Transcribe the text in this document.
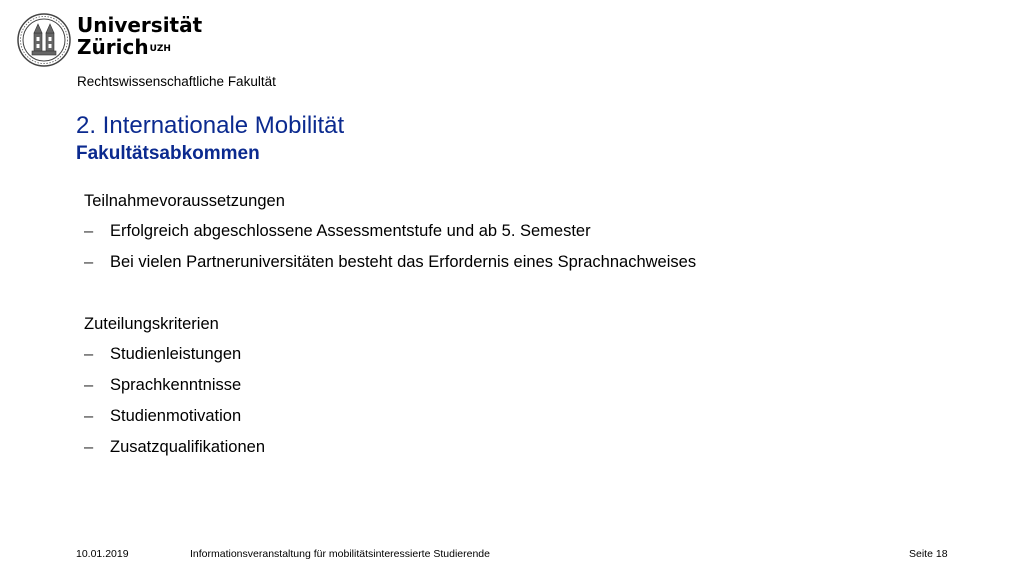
Universität
Zürich$^{UZH}$
Rechtswissenschaftliche Fakultät
2. Internationale Mobilität
Fakultätsabkommen
Teilnahmevoraussetzungen
–	Erfolgreich abgeschlossene Assessmentstufe und ab 5. Semester
–	Bei vielen Partneruniversitäten besteht das Erfordernis eines Sprachnachweises
Zuteilungskriterien
–	Studienleistungen
–	Sprachkenntnisse
–	Studienmotivation
–	Zusatzqualifikationen
10.01.2019	Informationsveranstaltung für mobilitätsinteressierte Studierende	Seite 18
